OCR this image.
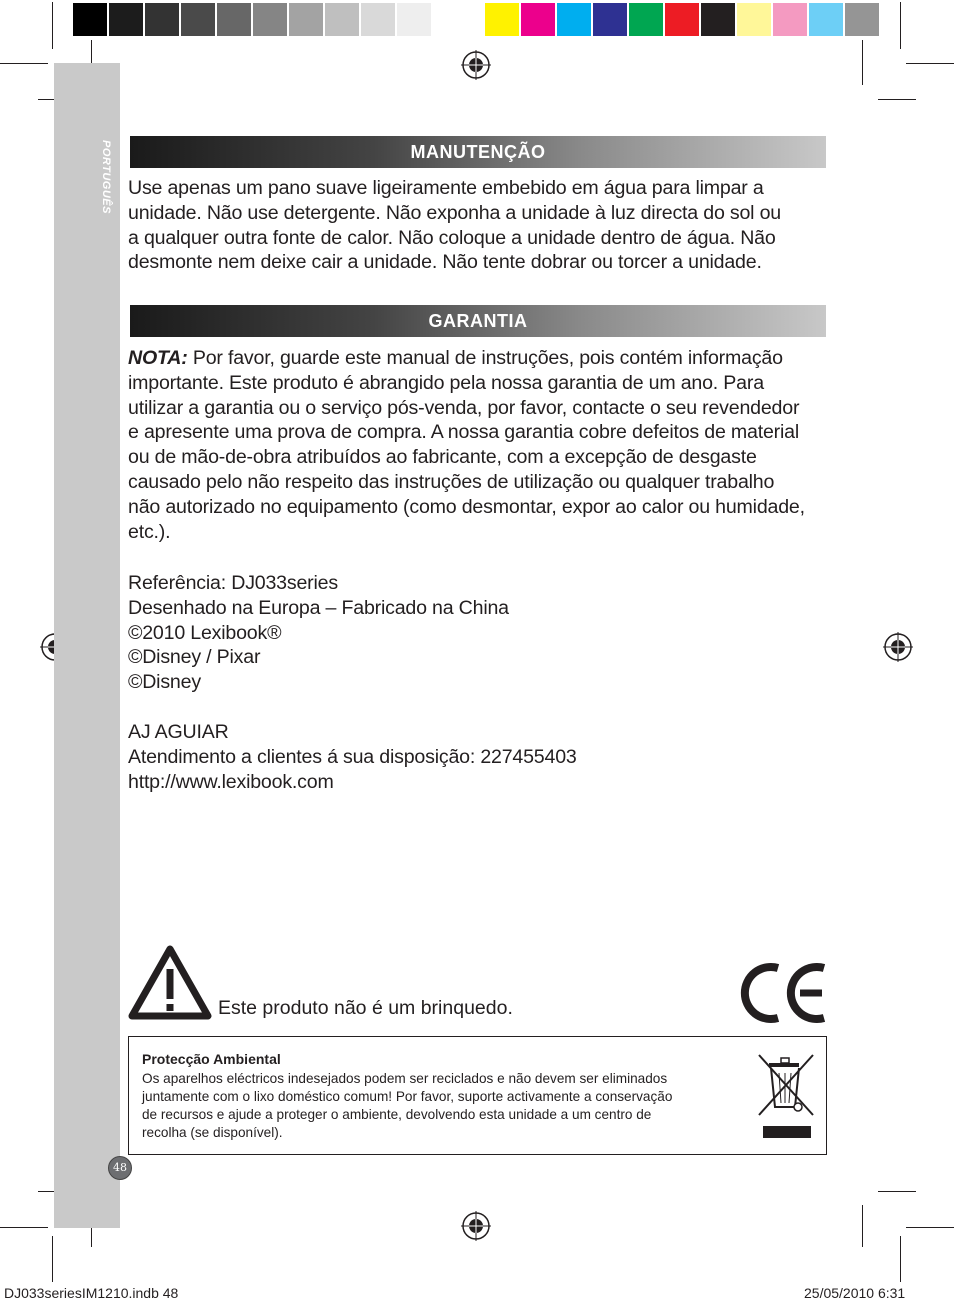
PORTUGUÊS	MANUTENÇÃO

Use apenas um pano suave ligeiramente embebido em água para limpar a

unidade. Não use detergente. Não exponha a unidade à luz directa do sol ou

a qualquer outra fonte de calor. Não coloque a unidade dentro de água. Não

desmonte nem deixe cair a unidade. Não tente dobrar ou torcer a unidade.

GARANTIA

NOTA: Por favor, guarde este manual de instruções, pois contém informação

importante. Este produto é abrangido pela nossa garantia de um ano. Para

utilizar a garantia ou o serviço pós-venda, por favor, contacte o seu revendedor

e apresente uma prova de compra. A nossa garantia cobre defeitos de material

ou de mão-de-obra atribuídos ao fabricante, com a excepção de desgaste

causado pelo não respeito das instruções de utilização ou qualquer trabalho

não autorizado no equipamento (como desmontar, expor ao calor ou humidade,

etc.).

Referência: DJ033series

Desenhado na Europa – Fabricado na China

©2010 Lexibook®

©Disney / Pixar

©Disney

AJ AGUIAR

Atendimento a clientes á sua disposição: 227455403

http://www.lexibook.com

Este produto não é um brinquedo.
Protecção Ambiental
Os aparelhos eléctricos indesejados podem ser reciclados e não devem ser eliminados
juntamente com o lixo doméstico comum! Por favor, suporte activamente a conservação
de recursos e ajude a proteger o ambiente, devolvendo esta unidade a um centro de
recolha (se disponível).
48
DJ033seriesIM1210.indb 48	25/05/2010 6:31
